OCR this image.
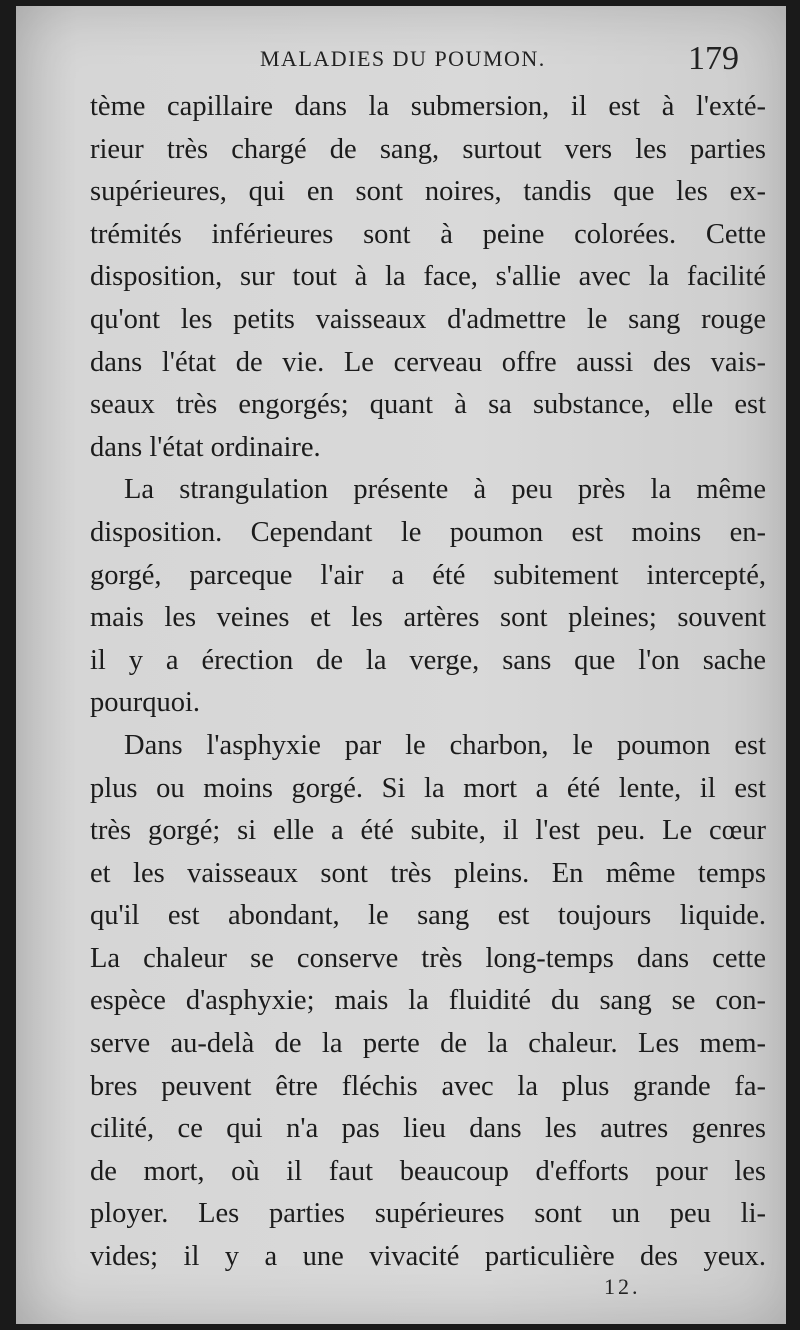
MALADIES DU POUMON.	179
tème capillaire dans la submersion, il est à l'exté-
rieur très chargé de sang, surtout vers les parties
supérieures, qui en sont noires, tandis que les ex-
trémités inférieures sont à peine colorées. Cette
disposition, sur tout à la face, s'allie avec la facilité
qu'ont les petits vaisseaux d'admettre le sang rouge
dans l'état de vie. Le cerveau offre aussi des vais-
seaux très engorgés; quant à sa substance, elle est
dans l'état ordinaire.
La strangulation présente à peu près la même
disposition. Cependant le poumon est moins en-
gorgé, parceque l'air a été subitement intercepté,
mais les veines et les artères sont pleines; souvent
il y a érection de la verge, sans que l'on sache
pourquoi.
Dans l'asphyxie par le charbon, le poumon est
plus ou moins gorgé. Si la mort a été lente, il est
très gorgé; si elle a été subite, il l'est peu. Le cœur
et les vaisseaux sont très pleins. En même temps
qu'il est abondant, le sang est toujours liquide.
La chaleur se conserve très long-temps dans cette
espèce d'asphyxie; mais la fluidité du sang se con-
serve au-delà de la perte de la chaleur. Les mem-
bres peuvent être fléchis avec la plus grande fa-
cilité, ce qui n'a pas lieu dans les autres genres
de mort, où il faut beaucoup d'efforts pour les
ployer. Les parties supérieures sont un peu li-
vides; il y a une vivacité particulière des yeux.
12.
